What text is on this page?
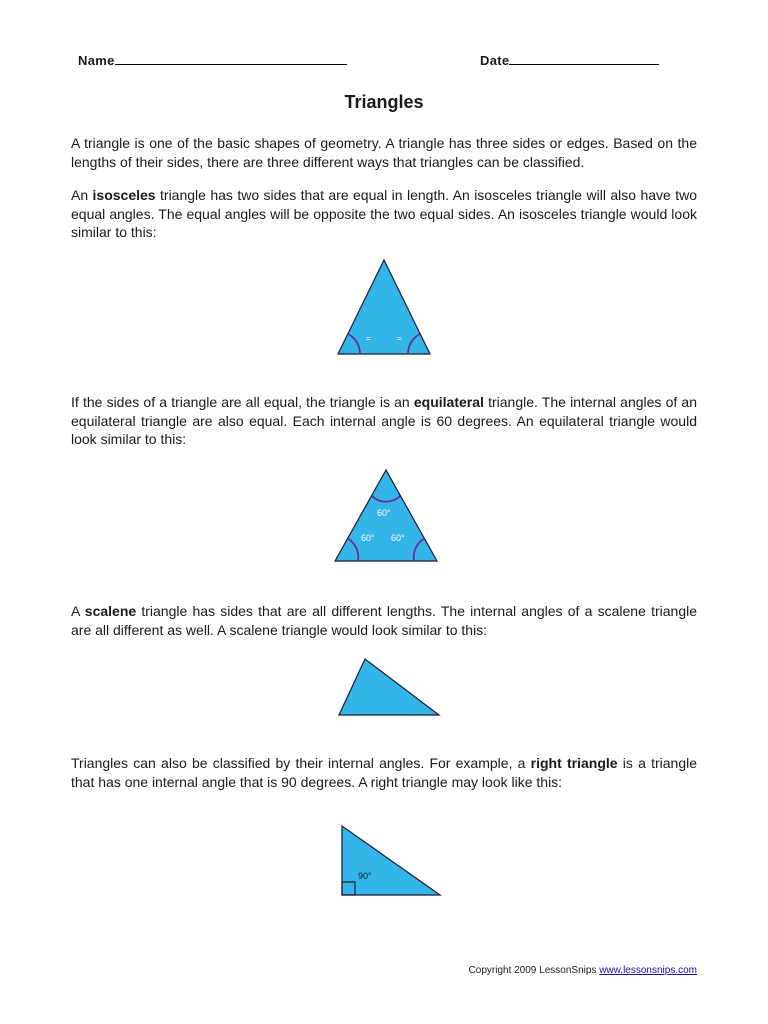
Name	Date
Triangles

A triangle is one of the basic shapes of geometry. A triangle has three sides or edges. Based on the lengths of their sides, there are three different ways that triangles can be classified.

An isosceles triangle has two sides that are equal in length. An isosceles triangle will also have two equal angles. The equal angles will be opposite the two equal sides. An isosceles triangle would look similar to this:

=	=

If the sides of a triangle are all equal, the triangle is an equilateral triangle. The internal angles of an equilateral triangle are also equal. Each internal angle is 60 degrees. An equilateral triangle would look similar to this:

60°
60° 60°

A scalene triangle has sides that are all different lengths. The internal angles of a scalene triangle are all different as well. A scalene triangle would look similar to this:

Triangles can also be classified by their internal angles. For example, a right triangle is a triangle that has one internal angle that is 90 degrees. A right triangle may look like this:

90°
Copyright 2009 LessonSnips www.lessonsnips.com
